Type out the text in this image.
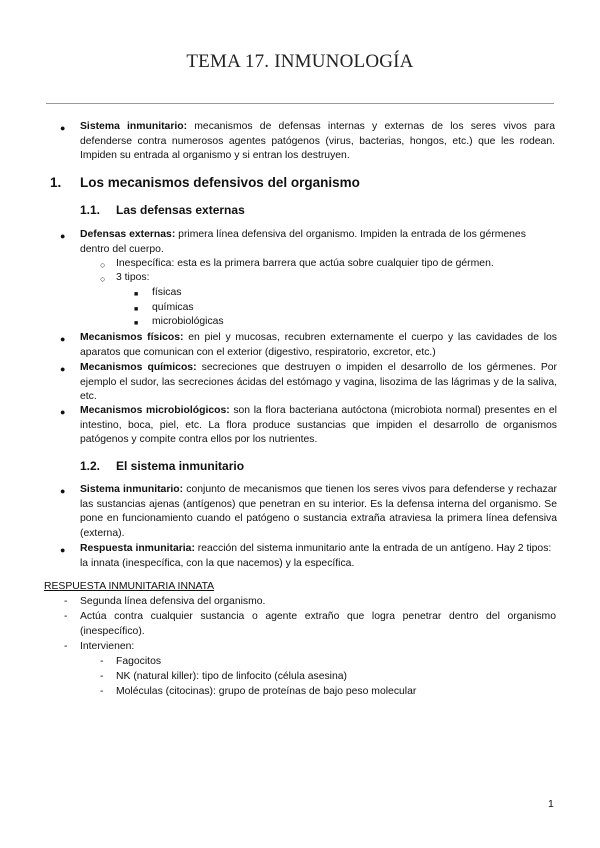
TEMA 17. INMUNOLOGÍA
● Sistema inmunitario: mecanismos de defensas internas y externas de los seres vivos para defenderse contra numerosos agentes patógenos (virus, bacterias, hongos, etc.) que les rodean. Impiden su entrada al organismo y si entran los destruyen.
1. Los mecanismos defensivos del organismo
1.1. Las defensas externas
● Defensas externas: primera línea defensiva del organismo. Impiden la entrada de los gérmenes dentro del cuerpo.
○ Inespecífica: esta es la primera barrera que actúa sobre cualquier tipo de gérmen.
○ 3 tipos:
■ físicas
■ químicas
■ microbiológicas
● Mecanismos físicos: en piel y mucosas, recubren externamente el cuerpo y las cavidades de los aparatos que comunican con el exterior (digestivo, respiratorio, excretor, etc.)
● Mecanismos químicos: secreciones que destruyen o impiden el desarrollo de los gérmenes. Por ejemplo el sudor, las secreciones ácidas del estómago y vagina, lisozima de las lágrimas y de la saliva, etc.
● Mecanismos microbiológicos: son la flora bacteriana autóctona (microbiota normal) presentes en el intestino, boca, piel, etc. La flora produce sustancias que impiden el desarrollo de organismos patógenos y compite contra ellos por los nutrientes.
1.2. El sistema inmunitario
● Sistema inmunitario: conjunto de mecanismos que tienen los seres vivos para defenderse y rechazar las sustancias ajenas (antígenos) que penetran en su interior. Es la defensa interna del organismo. Se pone en funcionamiento cuando el patógeno o sustancia extraña atraviesa la primera línea defensiva (externa).
● Respuesta inmunitaria: reacción del sistema inmunitario ante la entrada de un antígeno. Hay 2 tipos: la innata (inespecífica, con la que nacemos) y la específica.
RESPUESTA INMUNITARIA INNATA
- Segunda línea defensiva del organismo.
- Actúa contra cualquier sustancia o agente extraño que logra penetrar dentro del organismo (inespecífico).
- Intervienen:
- Fagocitos
- NK (natural killer): tipo de linfocito (célula asesina)
- Moléculas (citocinas): grupo de proteínas de bajo peso molecular
1
